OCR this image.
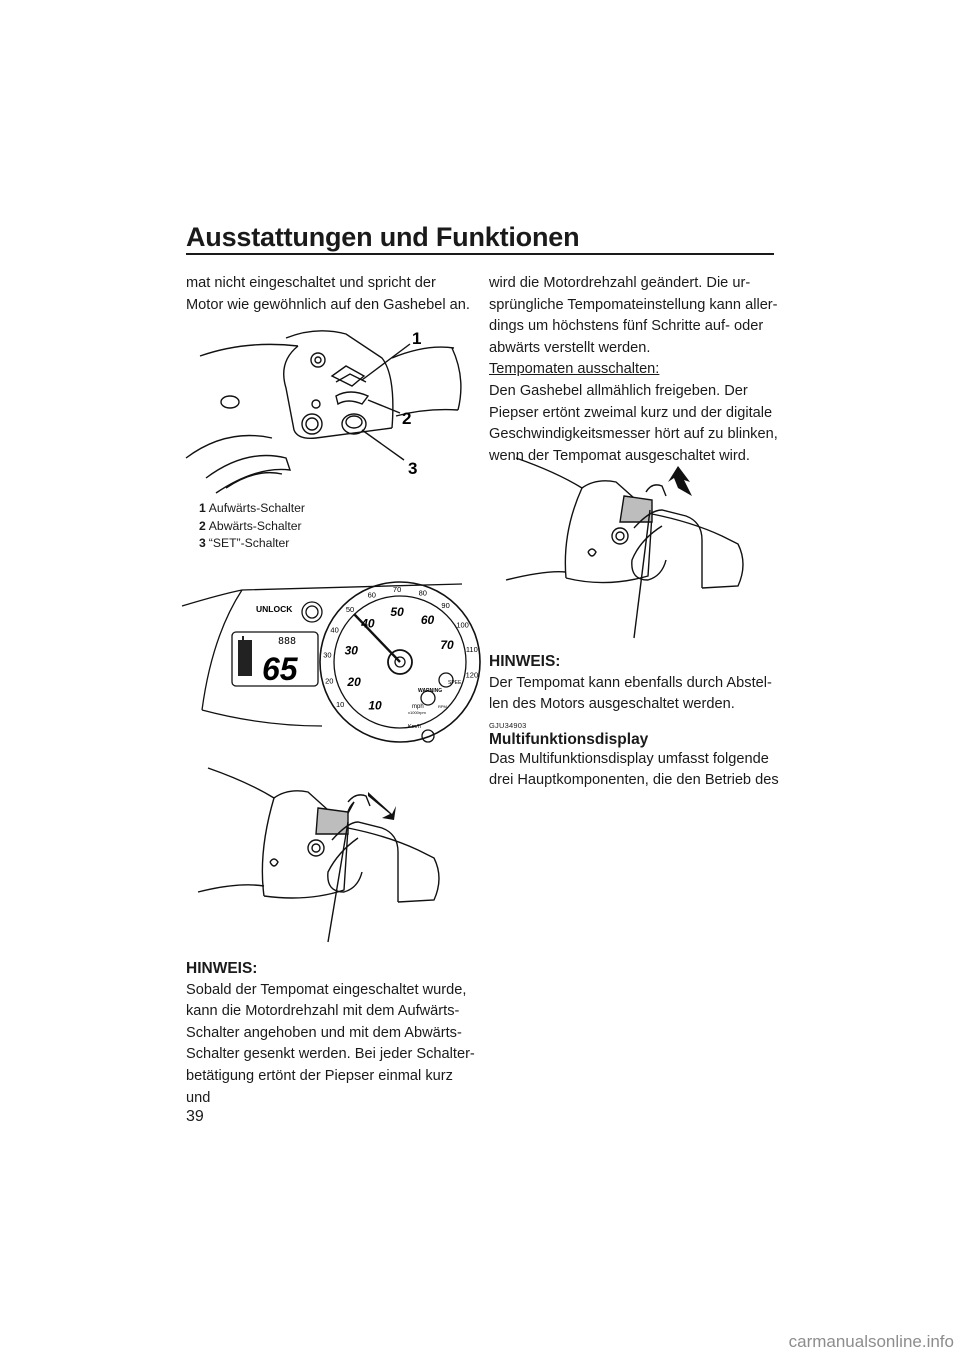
Ausstattungen und Funktionen

mat nicht eingeschaltet und spricht der Motor wie gewöhnlich auf den Gashebel an.

1
2
3
1 Aufwärts-Schalter
2 Abwärts-Schalter
3 “SET”-Schalter
UNLOCK
888
65
10
20
30
40
50
60
70 80
90
100
110
120
10
20
30
40
50
60
70
mph
x1000rpm
RPM
Km/h
WARNING
SPEE

HINWEIS:

Sobald der Tempomat eingeschaltet wurde, kann die Motordrehzahl mit dem Aufwärts-Schalter angehoben und mit dem Abwärts-Schalter gesenkt werden. Bei jeder Schalter-betätigung ertönt der Piepser einmal kurz und

wird die Motordrehzahl geändert. Die ur-sprüngliche Tempomateinstellung kann aller-dings um höchstens fünf Schritte auf- oder abwärts verstellt werden.

Tempomaten ausschalten:

Den Gashebel allmählich freigeben. Der Piepser ertönt zweimal kurz und der digitale Geschwindigkeitsmesser hört auf zu blinken, wenn der Tempomat ausgeschaltet wird.

HINWEIS:

Der Tempomat kann ebenfalls durch Abstel-len des Motors ausgeschaltet werden.

GJU34903

Multifunktionsdisplay

Das Multifunktionsdisplay umfasst folgende drei Hauptkomponenten, die den Betrieb des

39
carmanualsonline.info
